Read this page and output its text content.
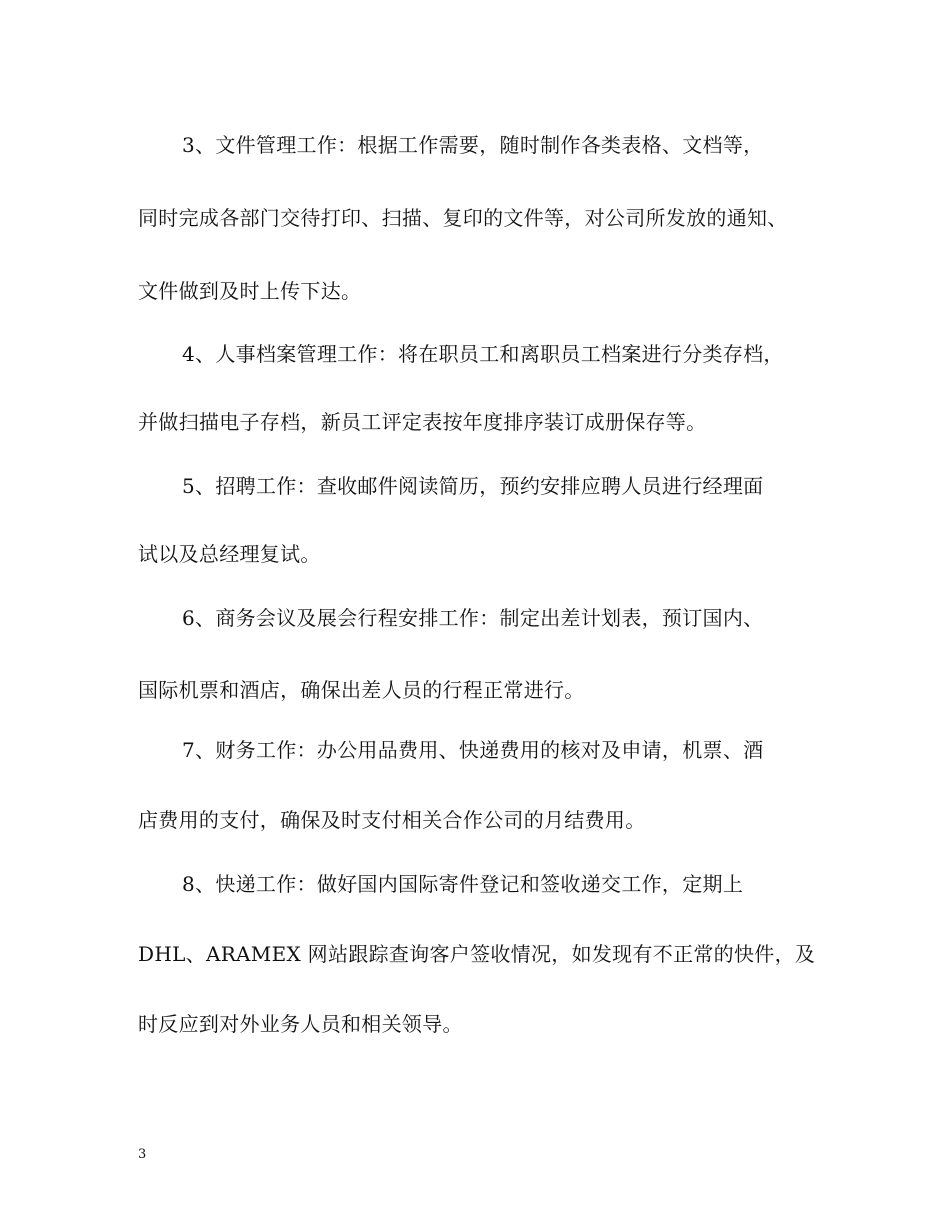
3、文件管理工作：根据工作需要，随时制作各类表格、文档等，
同时完成各部门交待打印、扫描、复印的文件等，对公司所发放的通知、
文件做到及时上传下达。
4、人事档案管理工作：将在职员工和离职员工档案进行分类存档，
并做扫描电子存档，新员工评定表按年度排序装订成册保存等。
5、招聘工作：查收邮件阅读简历，预约安排应聘人员进行经理面
试以及总经理复试。
6、商务会议及展会行程安排工作：制定出差计划表，预订国内、
国际机票和酒店，确保出差人员的行程正常进行。
7、财务工作：办公用品费用、快递费用的核对及申请，机票、酒
店费用的支付，确保及时支付相关合作公司的月结费用。
8、快递工作：做好国内国际寄件登记和签收递交工作，定期上
DHL、ARAMEX 网站跟踪查询客户签收情况，如发现有不正常的快件，及
时反应到对外业务人员和相关领导。
3
